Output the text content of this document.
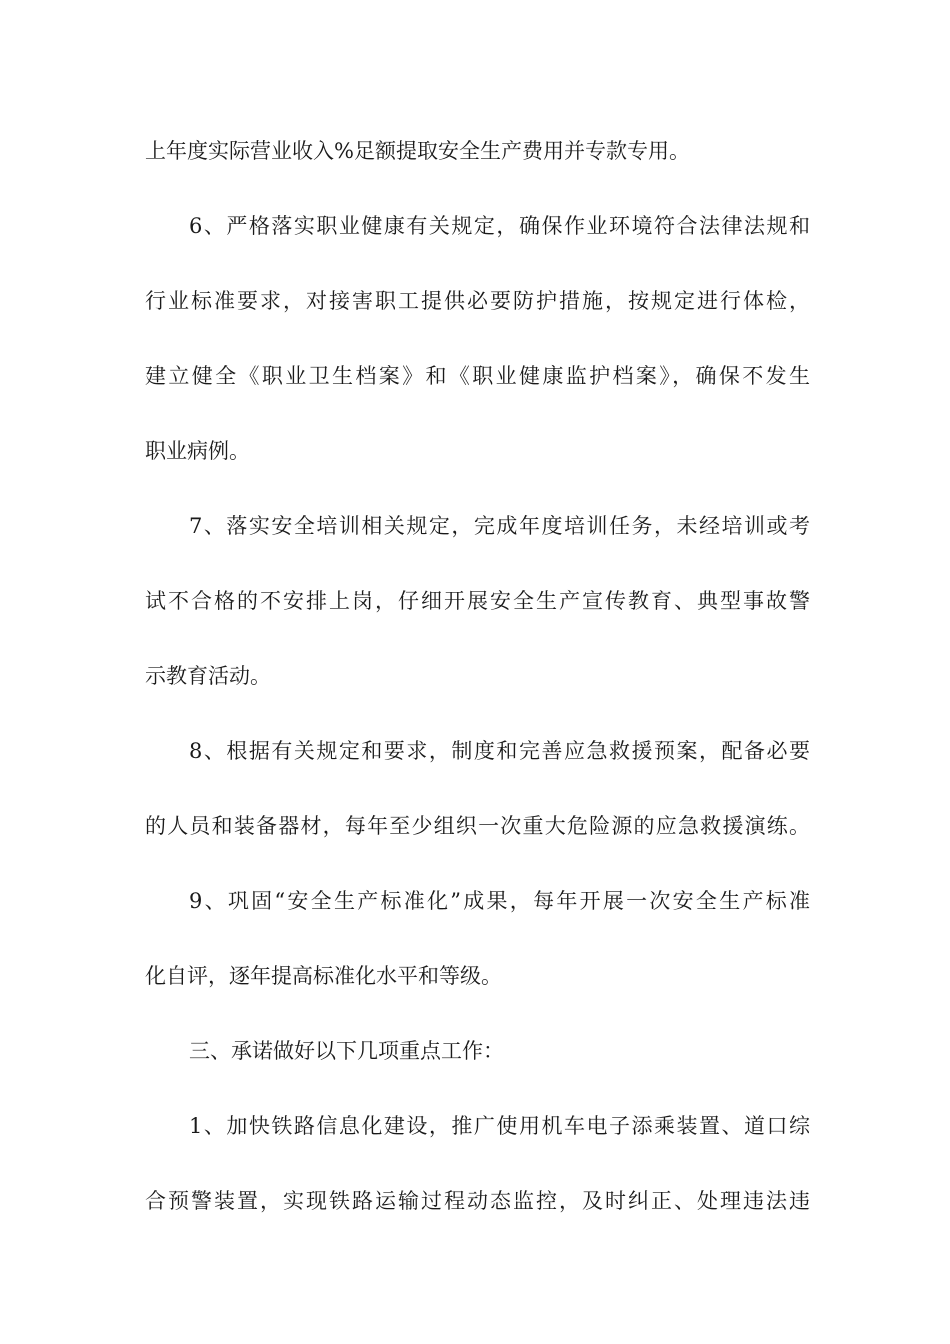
上年度实际营业收入%足额提取安全生产费用并专款专用。
6、严格落实职业健康有关规定，确保作业环境符合法律法规和
行业标准要求，对接害职工提供必要防护措施，按规定进行体检，
建立健全《职业卫生档案》和《职业健康监护档案》，确保不发生
职业病例。
7、落实安全培训相关规定，完成年度培训任务，未经培训或考
试不合格的不安排上岗，仔细开展安全生产宣传教育、典型事故警
示教育活动。
8、根据有关规定和要求，制度和完善应急救援预案，配备必要
的人员和装备器材，每年至少组织一次重大危险源的应急救援演练。
9、巩固“安全生产标准化”成果，每年开展一次安全生产标准
化自评，逐年提高标准化水平和等级。
三、承诺做好以下几项重点工作：
1、加快铁路信息化建设，推广使用机车电子添乘装置、道口综
合预警装置，实现铁路运输过程动态监控，及时纠正、处理违法违
